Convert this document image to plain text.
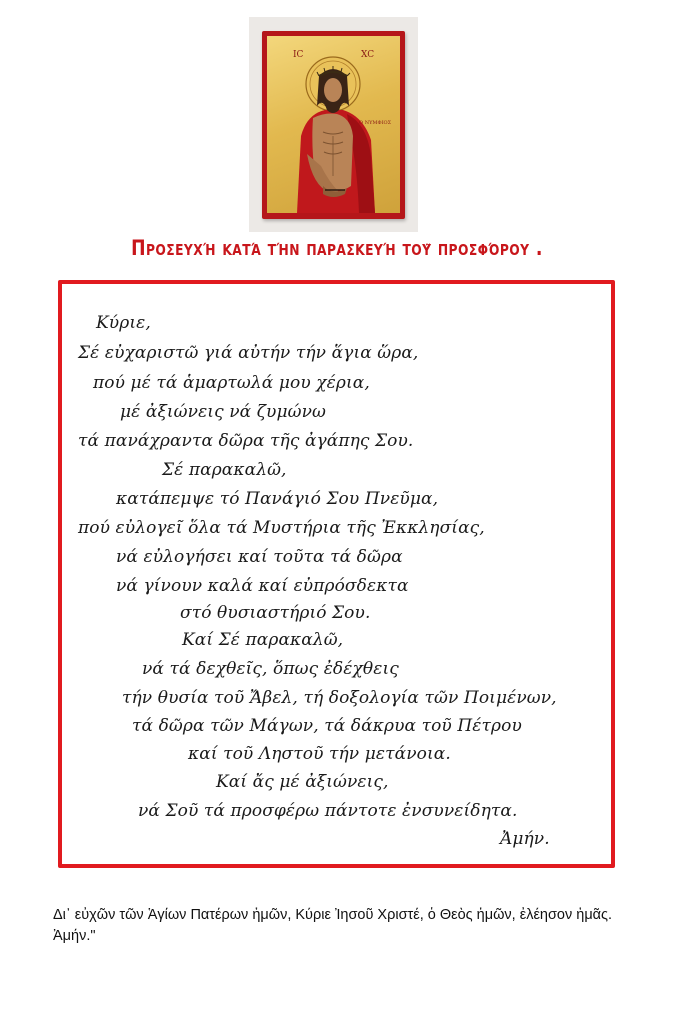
IC	XC
Ο ΝΥΜΦΙΟΣ
Προσευχή κατά τήν παρασκευή τοῦ προσφόρου .
Κύριε,
Σέ εὐχαριστῶ γιά αὐτήν τήν ἅγια ὥρα,
πού μέ τά ἁμαρτωλά μου χέρια,
μέ ἀξιώνεις νά ζυμώνω
τά πανάχραντα δῶρα τῆς ἀγάπης Σου.
Σέ παρακαλῶ,
κατάπεμψε τό Πανάγιό Σου Πνεῦμα,
πού εὐλογεῖ ὅλα τά Μυστήρια τῆς Ἐκκλησίας,
νά εὐλογήσει καί τοῦτα τά δῶρα
νά γίνουν καλά καί εὐπρόσδεκτα
στό θυσιαστήριό Σου.
Καί Σέ παρακαλῶ,
νά τά δεχθεῖς, ὅπως ἐδέχθεις
τήν θυσία τοῦ Ἄβελ, τή δοξολογία τῶν Ποιμένων,
τά δῶρα τῶν Μάγων, τά δάκρυα τοῦ Πέτρου
καί τοῦ Ληστοῦ τήν μετάνοια.
Καί ἄς μέ ἀξιώνεις,
νά Σοῦ τά προσφέρω πάντοτε ἐνσυνείδητα.
Ἀμήν.
Δι᾽ εὐχῶν τῶν Ἁγίων Πατέρων ἡμῶν, Κύριε Ἰησοῦ Χριστέ, ὁ Θεὸς ἡμῶν, ἐλέησον ἡμᾶς. Ἀμήν."
